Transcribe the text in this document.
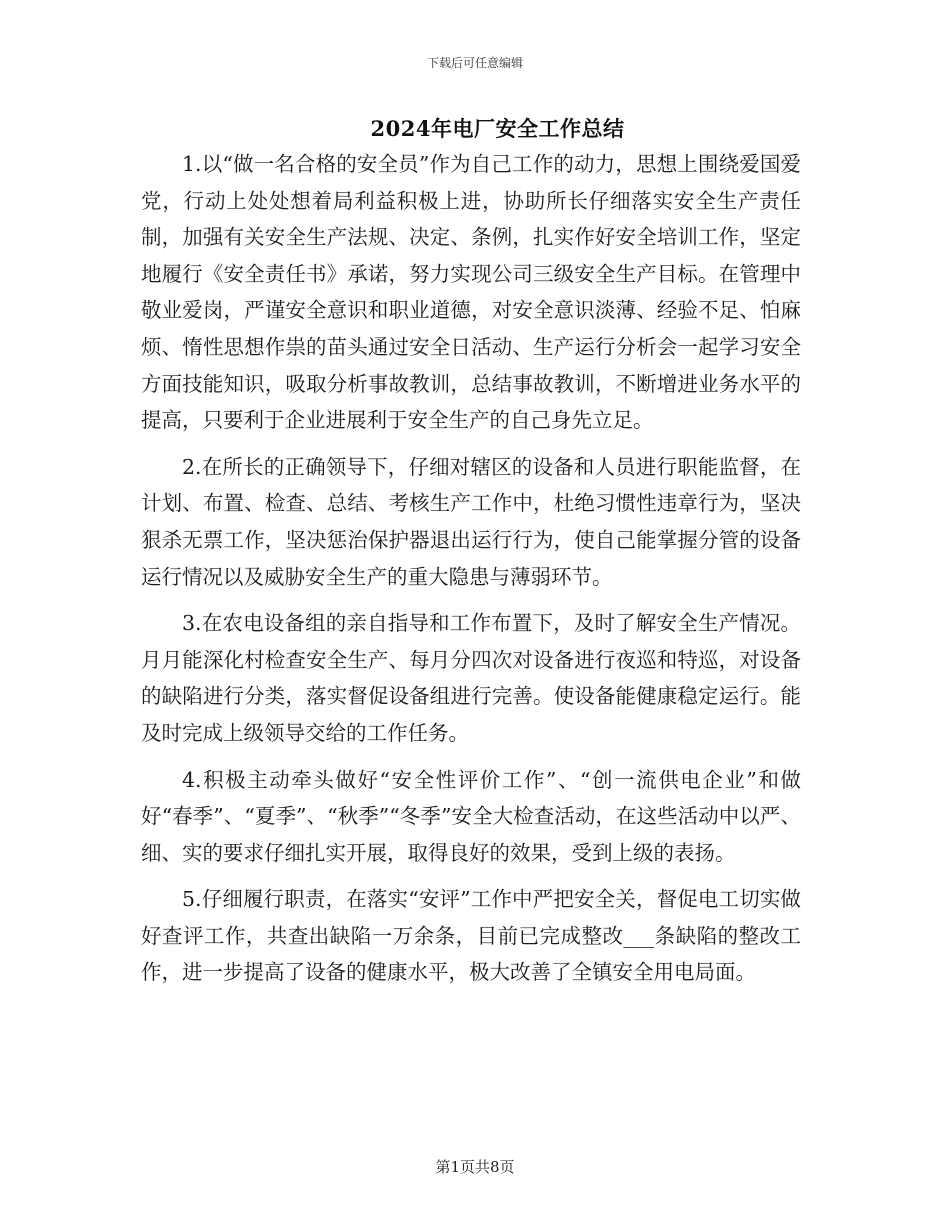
下载后可任意编辑
2024年电厂安全工作总结

1.以“做一名合格的安全员”作为自己工作的动力，思想上围绕爱国爱党，行动上处处想着局利益积极上进，协助所长仔细落实安全生产责任制，加强有关安全生产法规、决定、条例，扎实作好安全培训工作，坚定地履行《安全责任书》承诺，努力实现公司三级安全生产目标。在管理中敬业爱岗，严谨安全意识和职业道德，对安全意识淡薄、经验不足、怕麻烦、惰性思想作祟的苗头通过安全日活动、生产运行分析会一起学习安全方面技能知识，吸取分析事故教训，总结事故教训，不断增进业务水平的提高，只要利于企业进展利于安全生产的自己身先立足。

2.在所长的正确领导下，仔细对辖区的设备和人员进行职能监督，在计划、布置、检查、总结、考核生产工作中，杜绝习惯性违章行为，坚决狠杀无票工作，坚决惩治保护器退出运行行为，使自己能掌握分管的设备运行情况以及威胁安全生产的重大隐患与薄弱环节。

3.在农电设备组的亲自指导和工作布置下，及时了解安全生产情况。月月能深化村检查安全生产、每月分四次对设备进行夜巡和特巡，对设备的缺陷进行分类，落实督促设备组进行完善。使设备能健康稳定运行。能及时完成上级领导交给的工作任务。

4.积极主动牵头做好“安全性评价工作”、“创一流供电企业”和做好“春季”、“夏季”、“秋季”“冬季”安全大检查活动，在这些活动中以严、细、实的要求仔细扎实开展，取得良好的效果，受到上级的表扬。

5.仔细履行职责，在落实“安评”工作中严把安全关，督促电工切实做好查评工作，共查出缺陷一万余条，目前已完成整改___条缺陷的整改工作，进一步提高了设备的健康水平，极大改善了全镇安全用电局面。

第1页共8页
